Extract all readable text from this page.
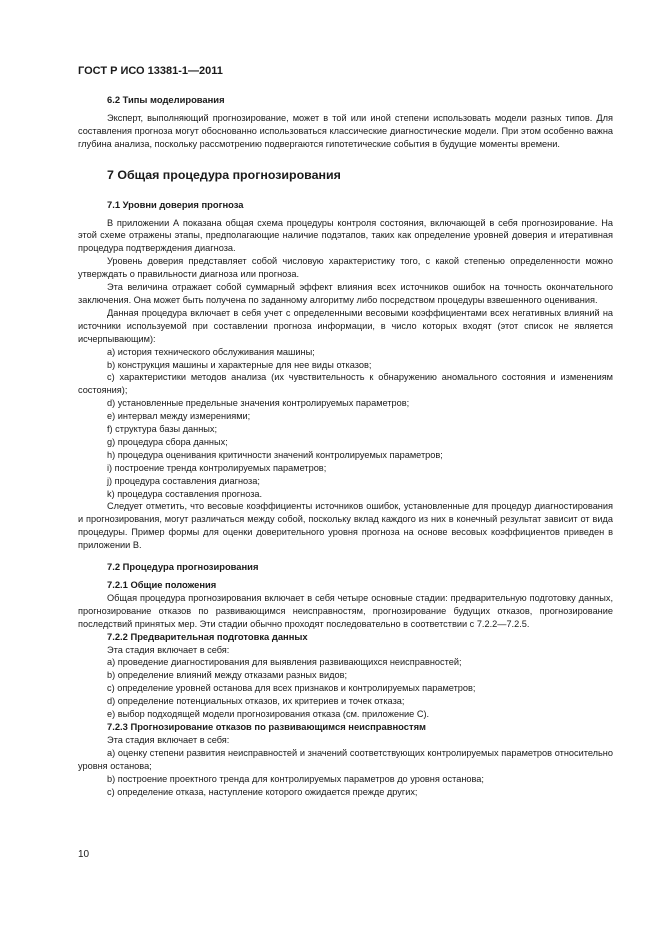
ГОСТ Р ИСО 13381-1—2011

6.2 Типы моделирования

Эксперт, выполняющий прогнозирование, может в той или иной степени использовать модели разных типов. Для составления прогноза могут обоснованно использоваться классические диагностические модели. При этом особенно важна глубина анализа, поскольку рассмотрению подвергаются гипотетические события в будущие моменты времени.

7 Общая процедура прогнозирования

7.1 Уровни доверия прогноза

В приложении А показана общая схема процедуры контроля состояния, включающей в себя прогнозирование. На этой схеме отражены этапы, предполагающие наличие подэтапов, таких как определение уровней доверия и итеративная процедура подтверждения диагноза.

Уровень доверия представляет собой числовую характеристику того, с какой степенью определенности можно утверждать о правильности диагноза или прогноза.

Эта величина отражает собой суммарный эффект влияния всех источников ошибок на точность окончательного заключения. Она может быть получена по заданному алгоритму либо посредством процедуры взвешенного оценивания.

Данная процедура включает в себя учет с определенными весовыми коэффициентами всех негативных влияний на источники используемой при составлении прогноза информации, в число которых входят (этот список не является исчерпывающим):

a) история технического обслуживания машины;

b) конструкция машины и характерные для нее виды отказов;

c) характеристики методов анализа (их чувствительность к обнаружению аномального состояния и изменениям состояния);

d) установленные предельные значения контролируемых параметров;

e) интервал между измерениями;

f) структура базы данных;

g) процедура сбора данных;

h) процедура оценивания критичности значений контролируемых параметров;

i) построение тренда контролируемых параметров;

j) процедура составления диагноза;

k) процедура составления прогноза.

Следует отметить, что весовые коэффициенты источников ошибок, установленные для процедур диагностирования и прогнозирования, могут различаться между собой, поскольку вклад каждого из них в конечный результат зависит от вида процедуры. Пример формы для оценки доверительного уровня прогноза на основе весовых коэффициентов приведен в приложении В.

7.2 Процедура прогнозирования

7.2.1 Общие положения

Общая процедура прогнозирования включает в себя четыре основные стадии: предварительную подготовку данных, прогнозирование отказов по развивающимся неисправностям, прогнозирование будущих отказов, прогнозирование последствий принятых мер. Эти стадии обычно проходят последовательно в соответствии с 7.2.2—7.2.5.

7.2.2 Предварительная подготовка данных

Эта стадия включает в себя:

a) проведение диагностирования для выявления развивающихся неисправностей;

b) определение влияний между отказами разных видов;

c) определение уровней останова для всех признаков и контролируемых параметров;

d) определение потенциальных отказов, их критериев и точек отказа;

e) выбор подходящей модели прогнозирования отказа (см. приложение С).

7.2.3 Прогнозирование отказов по развивающимся неисправностям

Эта стадия включает в себя:

a) оценку степени развития неисправностей и значений соответствующих контролируемых параметров относительно уровня останова;

b) построение проектного тренда для контролируемых параметров до уровня останова;

c) определение отказа, наступление которого ожидается прежде других;

10
